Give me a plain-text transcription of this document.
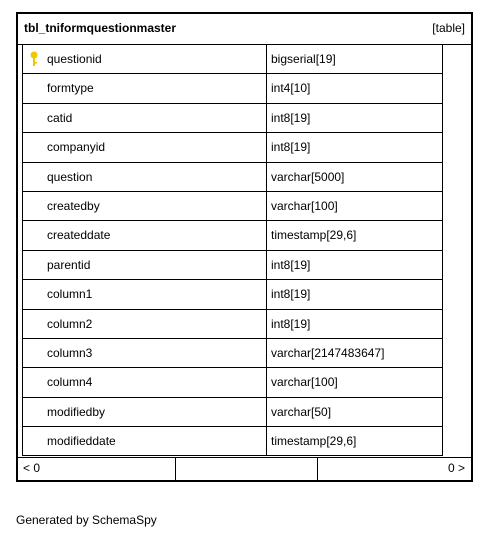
tbl_tniformquestionmaster	[table]
questionid	bigserial[19]
formtype	int4[10]
catid	int8[19]
companyid	int8[19]
question	varchar[5000]
createdby	varchar[100]
createddate	timestamp[29,6]
parentid	int8[19]
column1	int8[19]
column2	int8[19]
column3	varchar[2147483647]
column4	varchar[100]
modifiedby	varchar[50]
modifieddate	timestamp[29,6]
< 0	0 >
Generated by SchemaSpy
